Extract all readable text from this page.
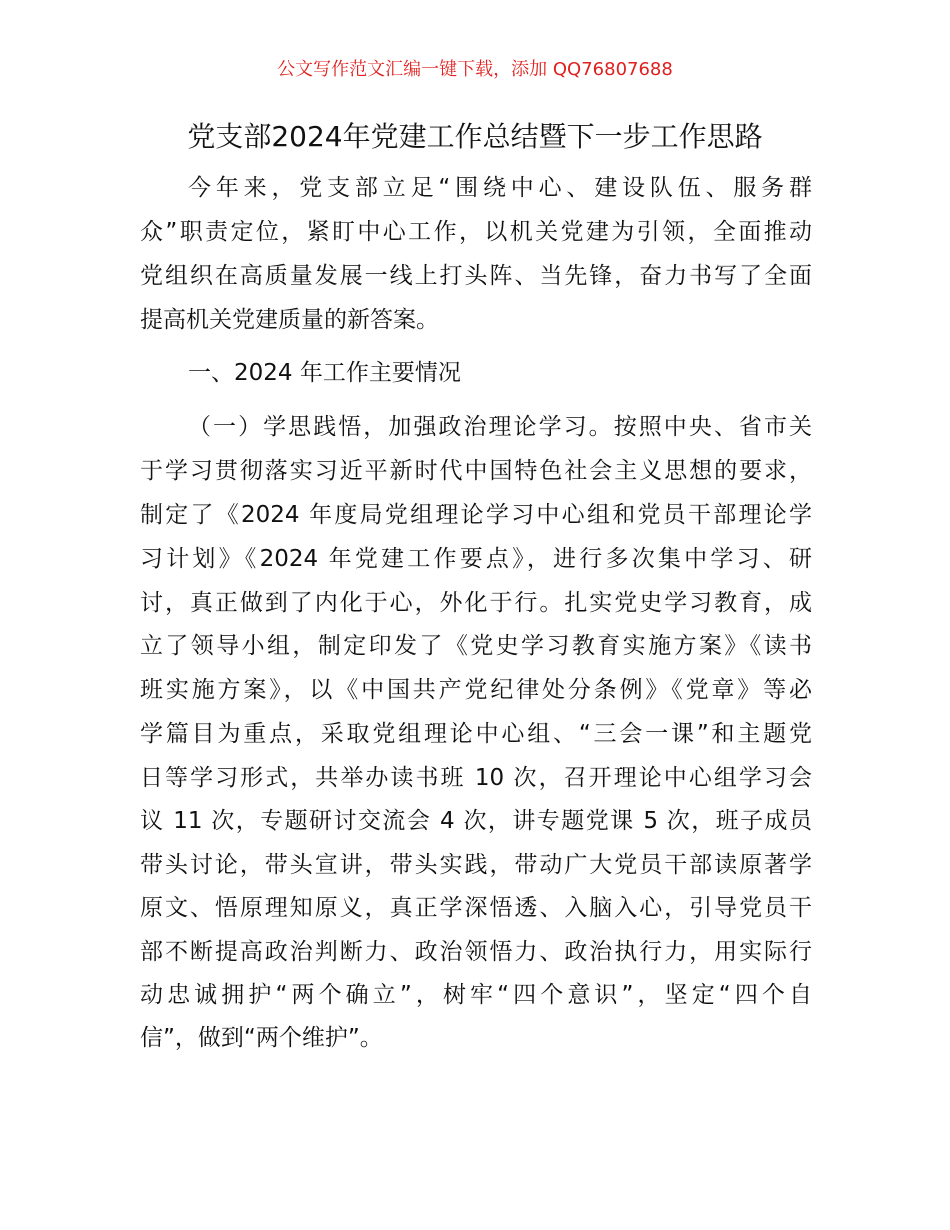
公文写作范文汇编一键下载，添加 QQ76807688
党支部2024年党建工作总结暨下一步工作思路
今年来，党支部立足“围绕中心、建设队伍、服务群
众”职责定位，紧盯中心工作，以机关党建为引领，全面推动
党组织在高质量发展一线上打头阵、当先锋，奋力书写了全面
提高机关党建质量的新答案。
一、2024 年工作主要情况
（一）学思践悟，加强政治理论学习。按照中央、省市关
于学习贯彻落实习近平新时代中国特色社会主义思想的要求，
制定了《2024 年度局党组理论学习中心组和党员干部理论学
习计划》《2024 年党建工作要点》，进行多次集中学习、研
讨，真正做到了内化于心，外化于行。扎实党史学习教育，成
立了领导小组，制定印发了《党史学习教育实施方案》《读书
班实施方案》，以《中国共产党纪律处分条例》《党章》等必
学篇目为重点，采取党组理论中心组、“三会一课”和主题党
日等学习形式，共举办读书班 10 次，召开理论中心组学习会
议 11 次，专题研讨交流会 4 次，讲专题党课 5 次，班子成员
带头讨论，带头宣讲，带头实践，带动广大党员干部读原著学
原文、悟原理知原义，真正学深悟透、入脑入心，引导党员干
部不断提高政治判断力、政治领悟力、政治执行力，用实际行
动忠诚拥护“两个确立”，树牢“四个意识”，坚定“四个自
信”，做到“两个维护”。
